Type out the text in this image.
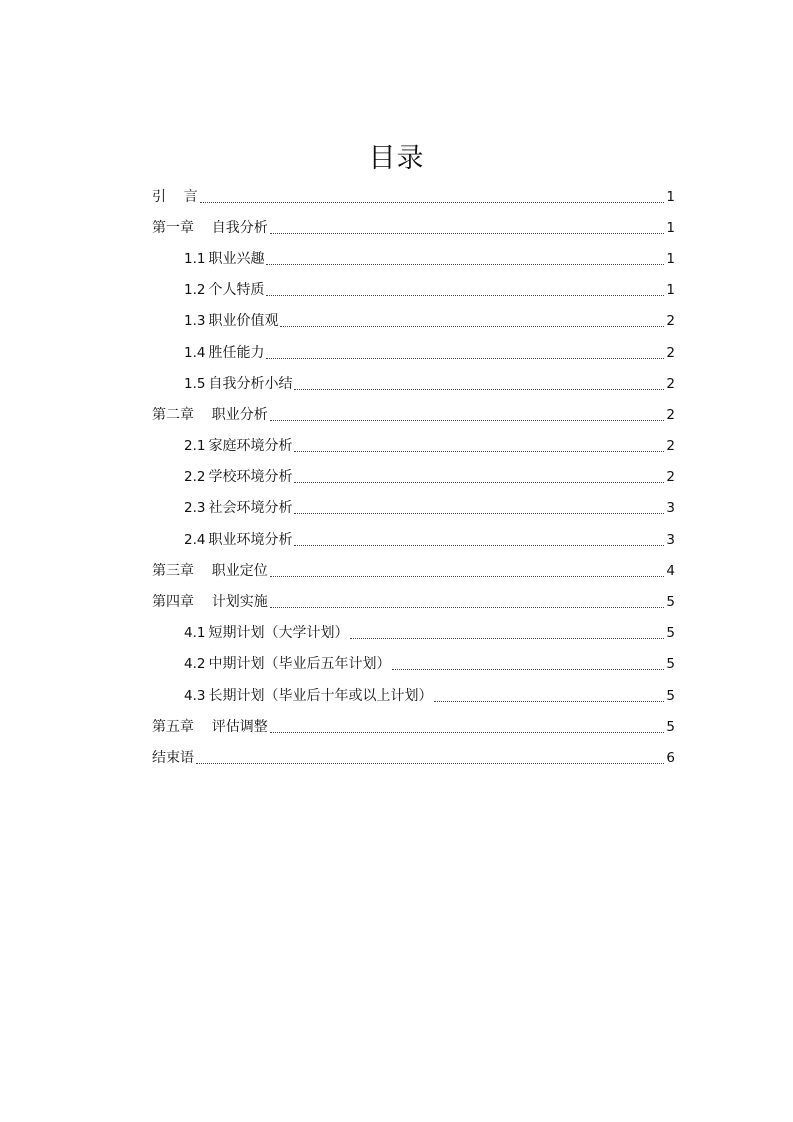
目录
引    言	1
第一章    自我分析	1
1.1 职业兴趣	1
1.2 个人特质	1
1.3 职业价值观	2
1.4 胜任能力	2
1.5 自我分析小结	2
第二章    职业分析	2
2.1 家庭环境分析	2
2.2 学校环境分析	2
2.3 社会环境分析	3
2.4 职业环境分析	3
第三章    职业定位	4
第四章    计划实施	5
4.1 短期计划（大学计划）	5
4.2 中期计划（毕业后五年计划）	5
4.3 长期计划（毕业后十年或以上计划）	5
第五章    评估调整	5
结束语	6
